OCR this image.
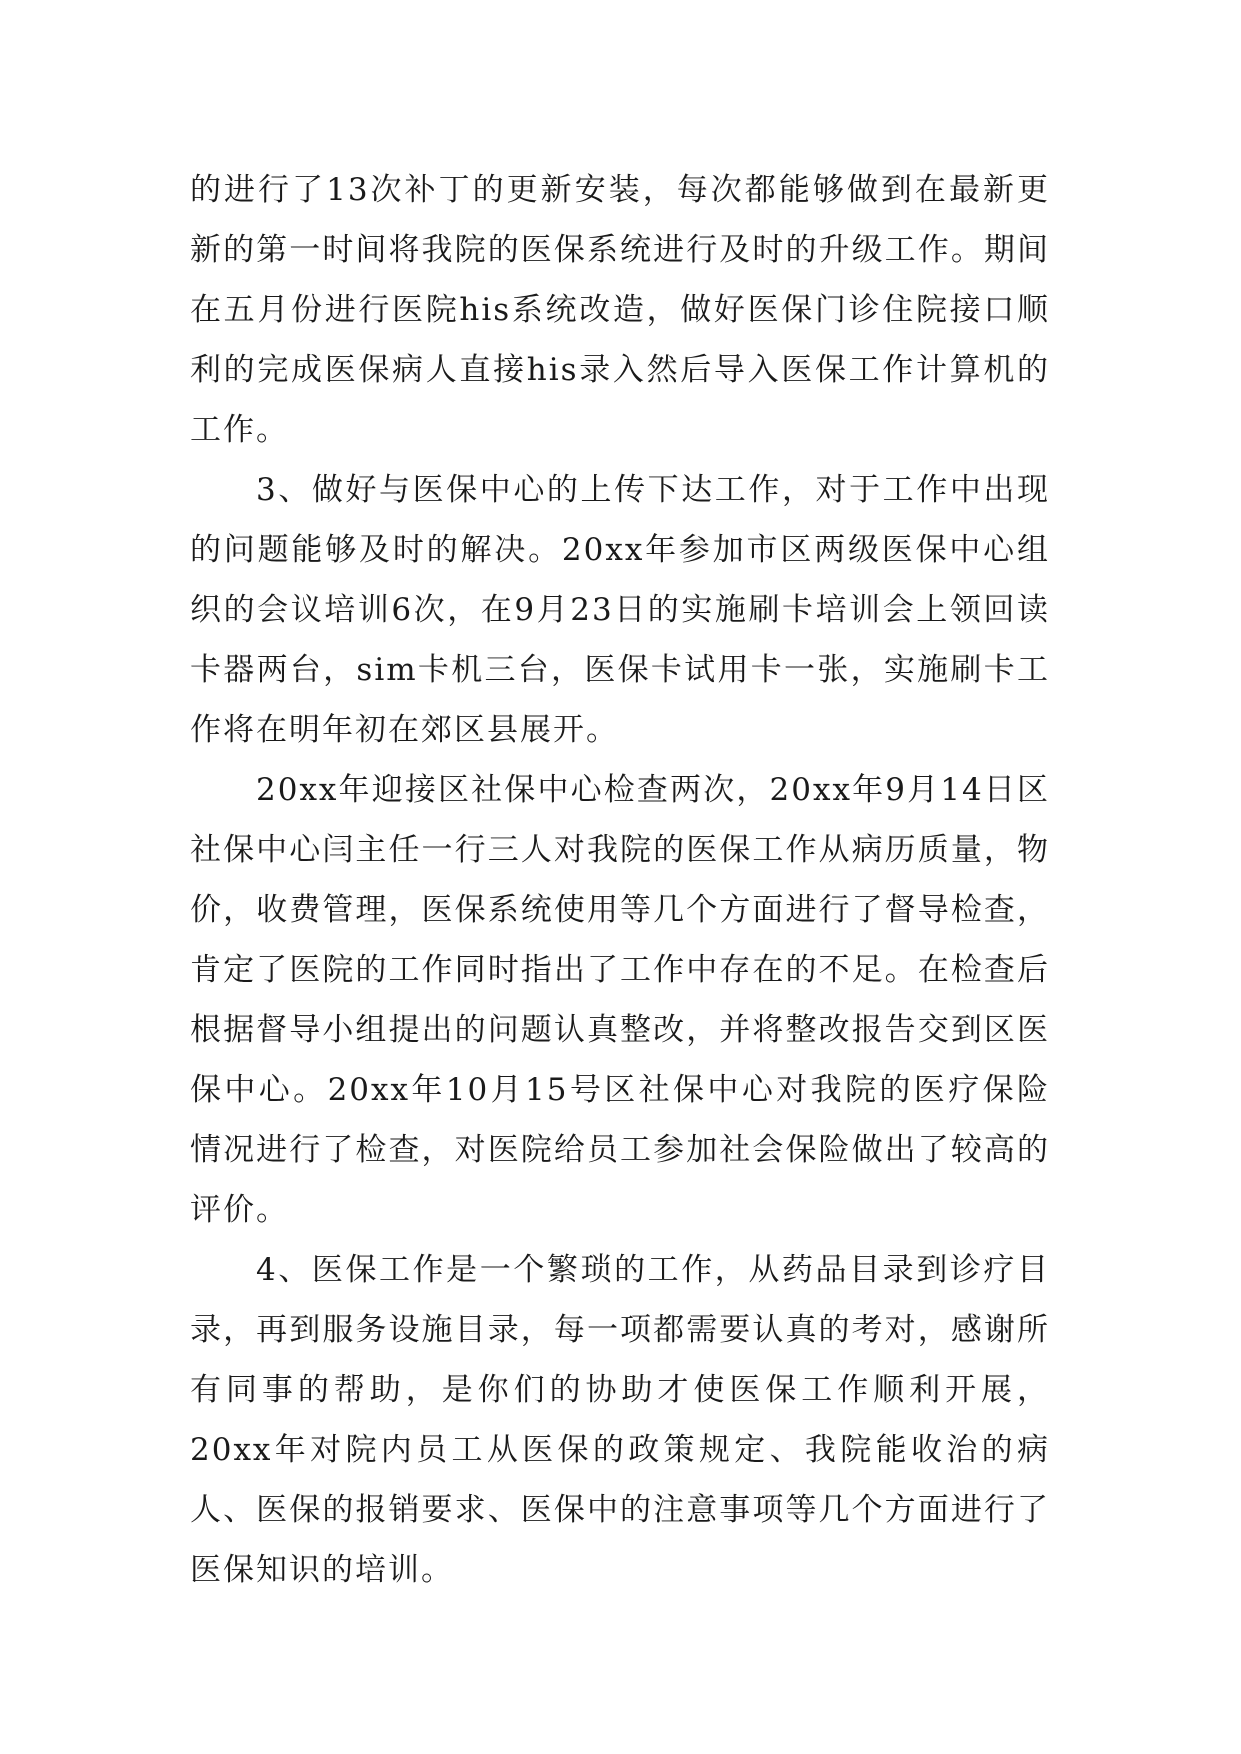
的进行了13次补丁的更新安装，每次都能够做到在最新更新的第一时间将我院的医保系统进行及时的升级工作。期间在五月份进行医院his系统改造，做好医保门诊住院接口顺利的完成医保病人直接his录入然后导入医保工作计算机的工作。

3、做好与医保中心的上传下达工作，对于工作中出现的问题能够及时的解决。20xx年参加市区两级医保中心组织的会议培训6次，在9月23日的实施刷卡培训会上领回读卡器两台，sim卡机三台，医保卡试用卡一张，实施刷卡工作将在明年初在郊区县展开。

20xx年迎接区社保中心检查两次，20xx年9月14日区社保中心闫主任一行三人对我院的医保工作从病历质量，物价，收费管理，医保系统使用等几个方面进行了督导检查，肯定了医院的工作同时指出了工作中存在的不足。在检查后根据督导小组提出的问题认真整改，并将整改报告交到区医保中心。20xx年10月15号区社保中心对我院的医疗保险情况进行了检查，对医院给员工参加社会保险做出了较高的评价。

4、医保工作是一个繁琐的工作，从药品目录到诊疗目录，再到服务设施目录，每一项都需要认真的考对，感谢所有同事的帮助，是你们的协助才使医保工作顺利开展，20xx年对院内员工从医保的政策规定、我院能收治的病人、医保的报销要求、医保中的注意事项等几个方面进行了医保知识的培训。
